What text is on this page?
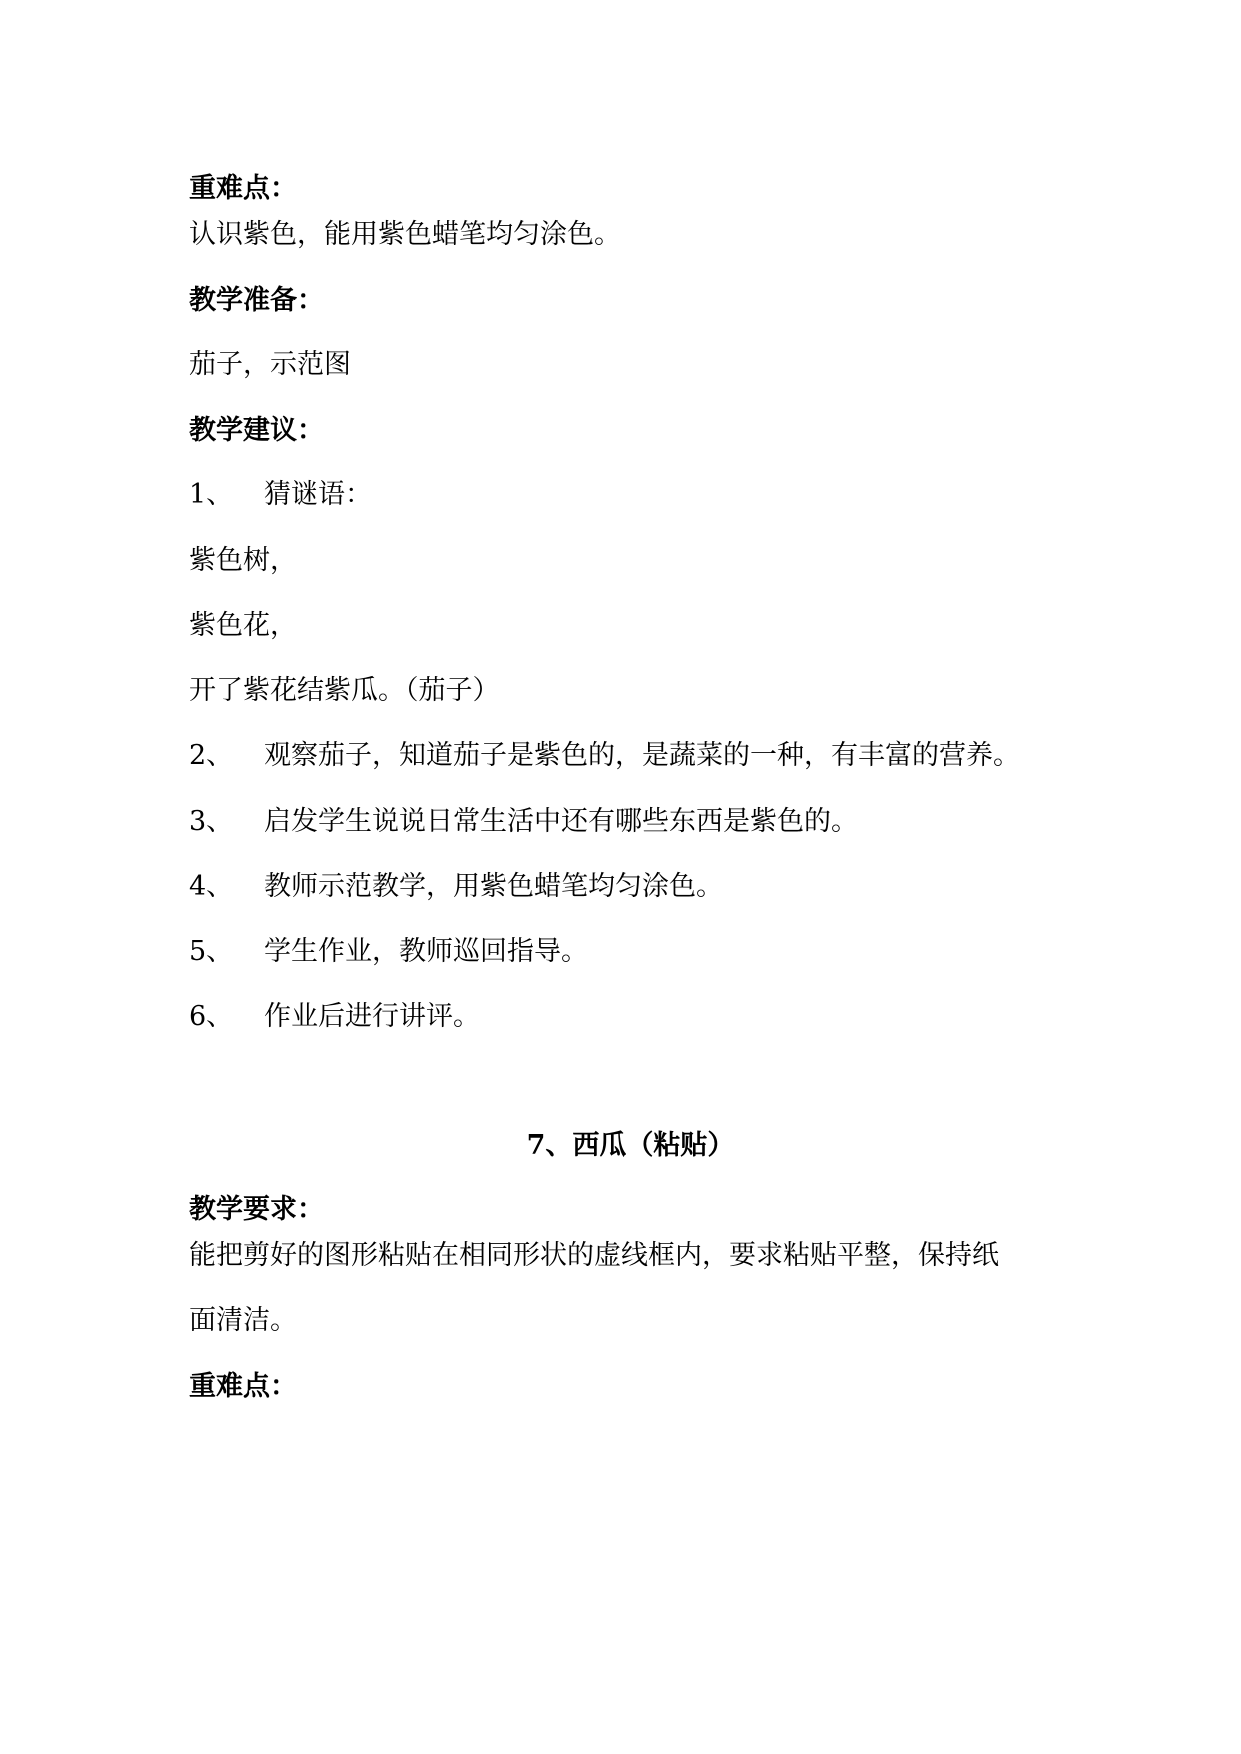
重难点：
认识紫色，能用紫色蜡笔均匀涂色。
教学准备：
茄子，示范图
教学建议：
1、 猜谜语：
紫色树，
紫色花，
开了紫花结紫瓜。（茄子）
2、 观察茄子，知道茄子是紫色的，是蔬菜的一种，有丰富的营养。
3、 启发学生说说日常生活中还有哪些东西是紫色的。
4、 教师示范教学，用紫色蜡笔均匀涂色。
5、 学生作业，教师巡回指导。
6、 作业后进行讲评。
7、西瓜（粘贴）
教学要求：
能把剪好的图形粘贴在相同形状的虚线框内，要求粘贴平整，保持纸
面清洁。
重难点：
